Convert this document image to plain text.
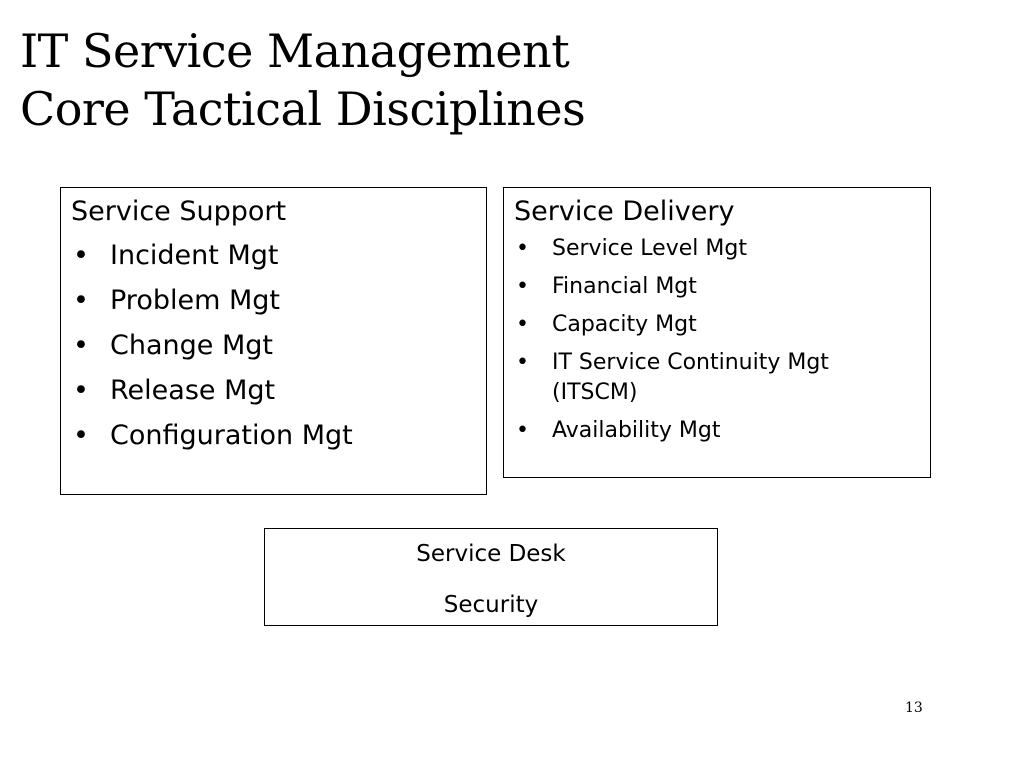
IT Service Management
Core Tactical Disciplines
Service Support
• Incident Mgt
• Problem Mgt
• Change Mgt
• Release Mgt
• Configuration Mgt
Service Delivery
• Service Level Mgt
• Financial Mgt
• Capacity Mgt
• IT Service Continuity Mgt (ITSCM)
• Availability Mgt
Service Desk
Security
13
